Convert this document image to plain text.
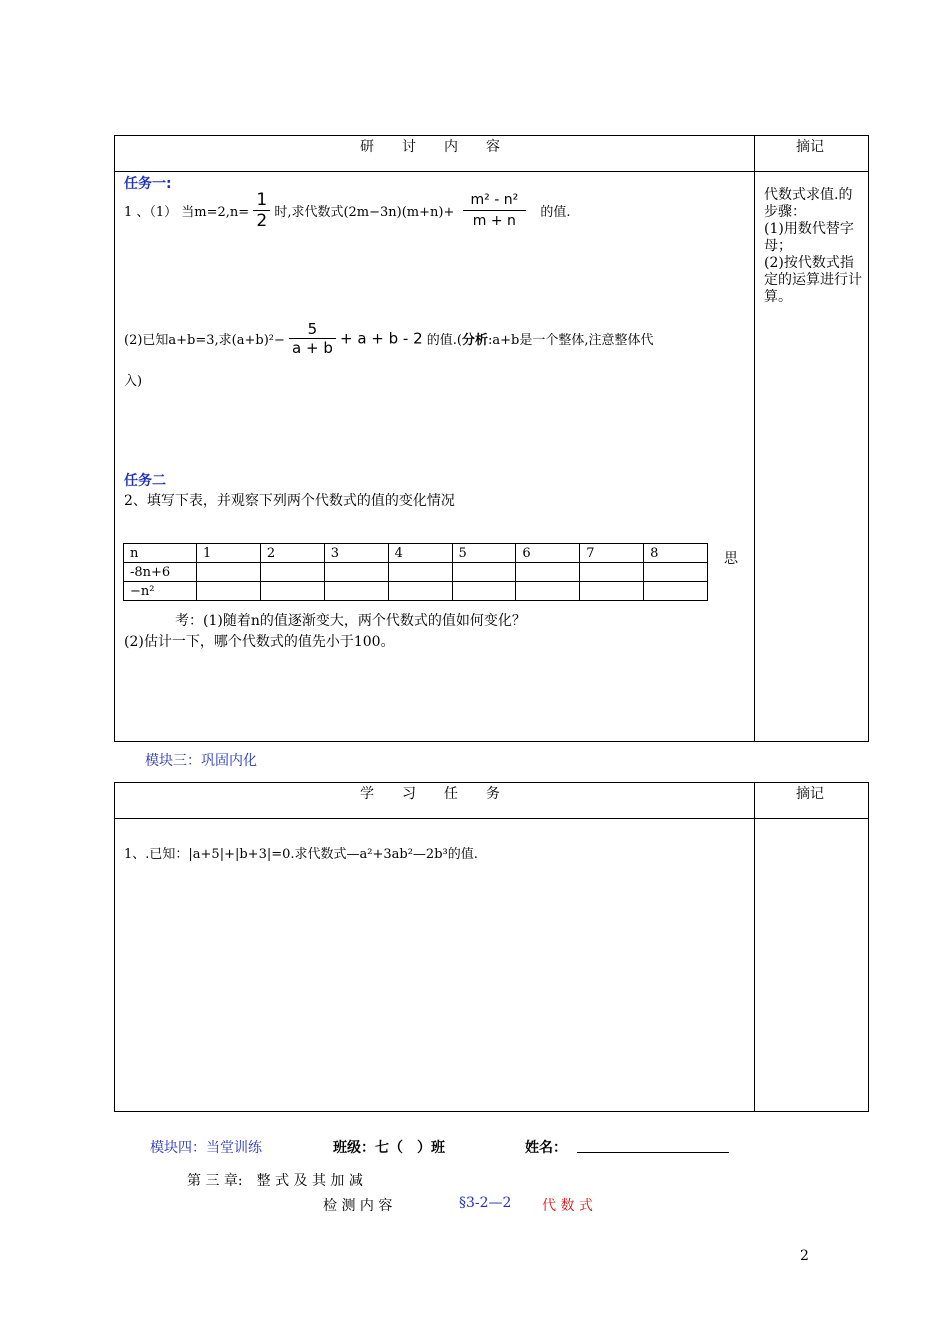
研　　讨　　内　　容	摘记
任务一:
1 、（1） 当$m=2,n= \frac{1}{2}$ 时,求代数式$(2m-3n)(m+n)+ \frac{\text{m² - n²}}{m + n}$ 的值.
(2)已知a+b=3,求$(a+b)^2- \frac{5}{a + b} + a + b - 2$ 的值.(分析:a+b是一个整体,注意整体代
入)
任务二
2、填写下表，并观察下列两个代数式的值的变化情况
n	1	2	3	4	5	6	7	8
-8n+6								
−n²								
思
考：(1)随着n的值逐渐变大，两个代数式的值如何变化？
(2)估计一下，哪个代数式的值先小于100。
代数式求值.的步骤：
(1)用数代替字母；
(2)按代数式指定的运算进行计算。
模块三：巩固内化
学　　习　　任　　务	摘记
1、.已知：|a+5|+|b+3|=0.求代数式—a²+3ab²—2b³的值.
模块四：当堂训练	班级：七（　）班	姓名：
第 三 章:　整 式 及 其 加 减
检 测 内 容	§3-2—2 代 数 式
2
